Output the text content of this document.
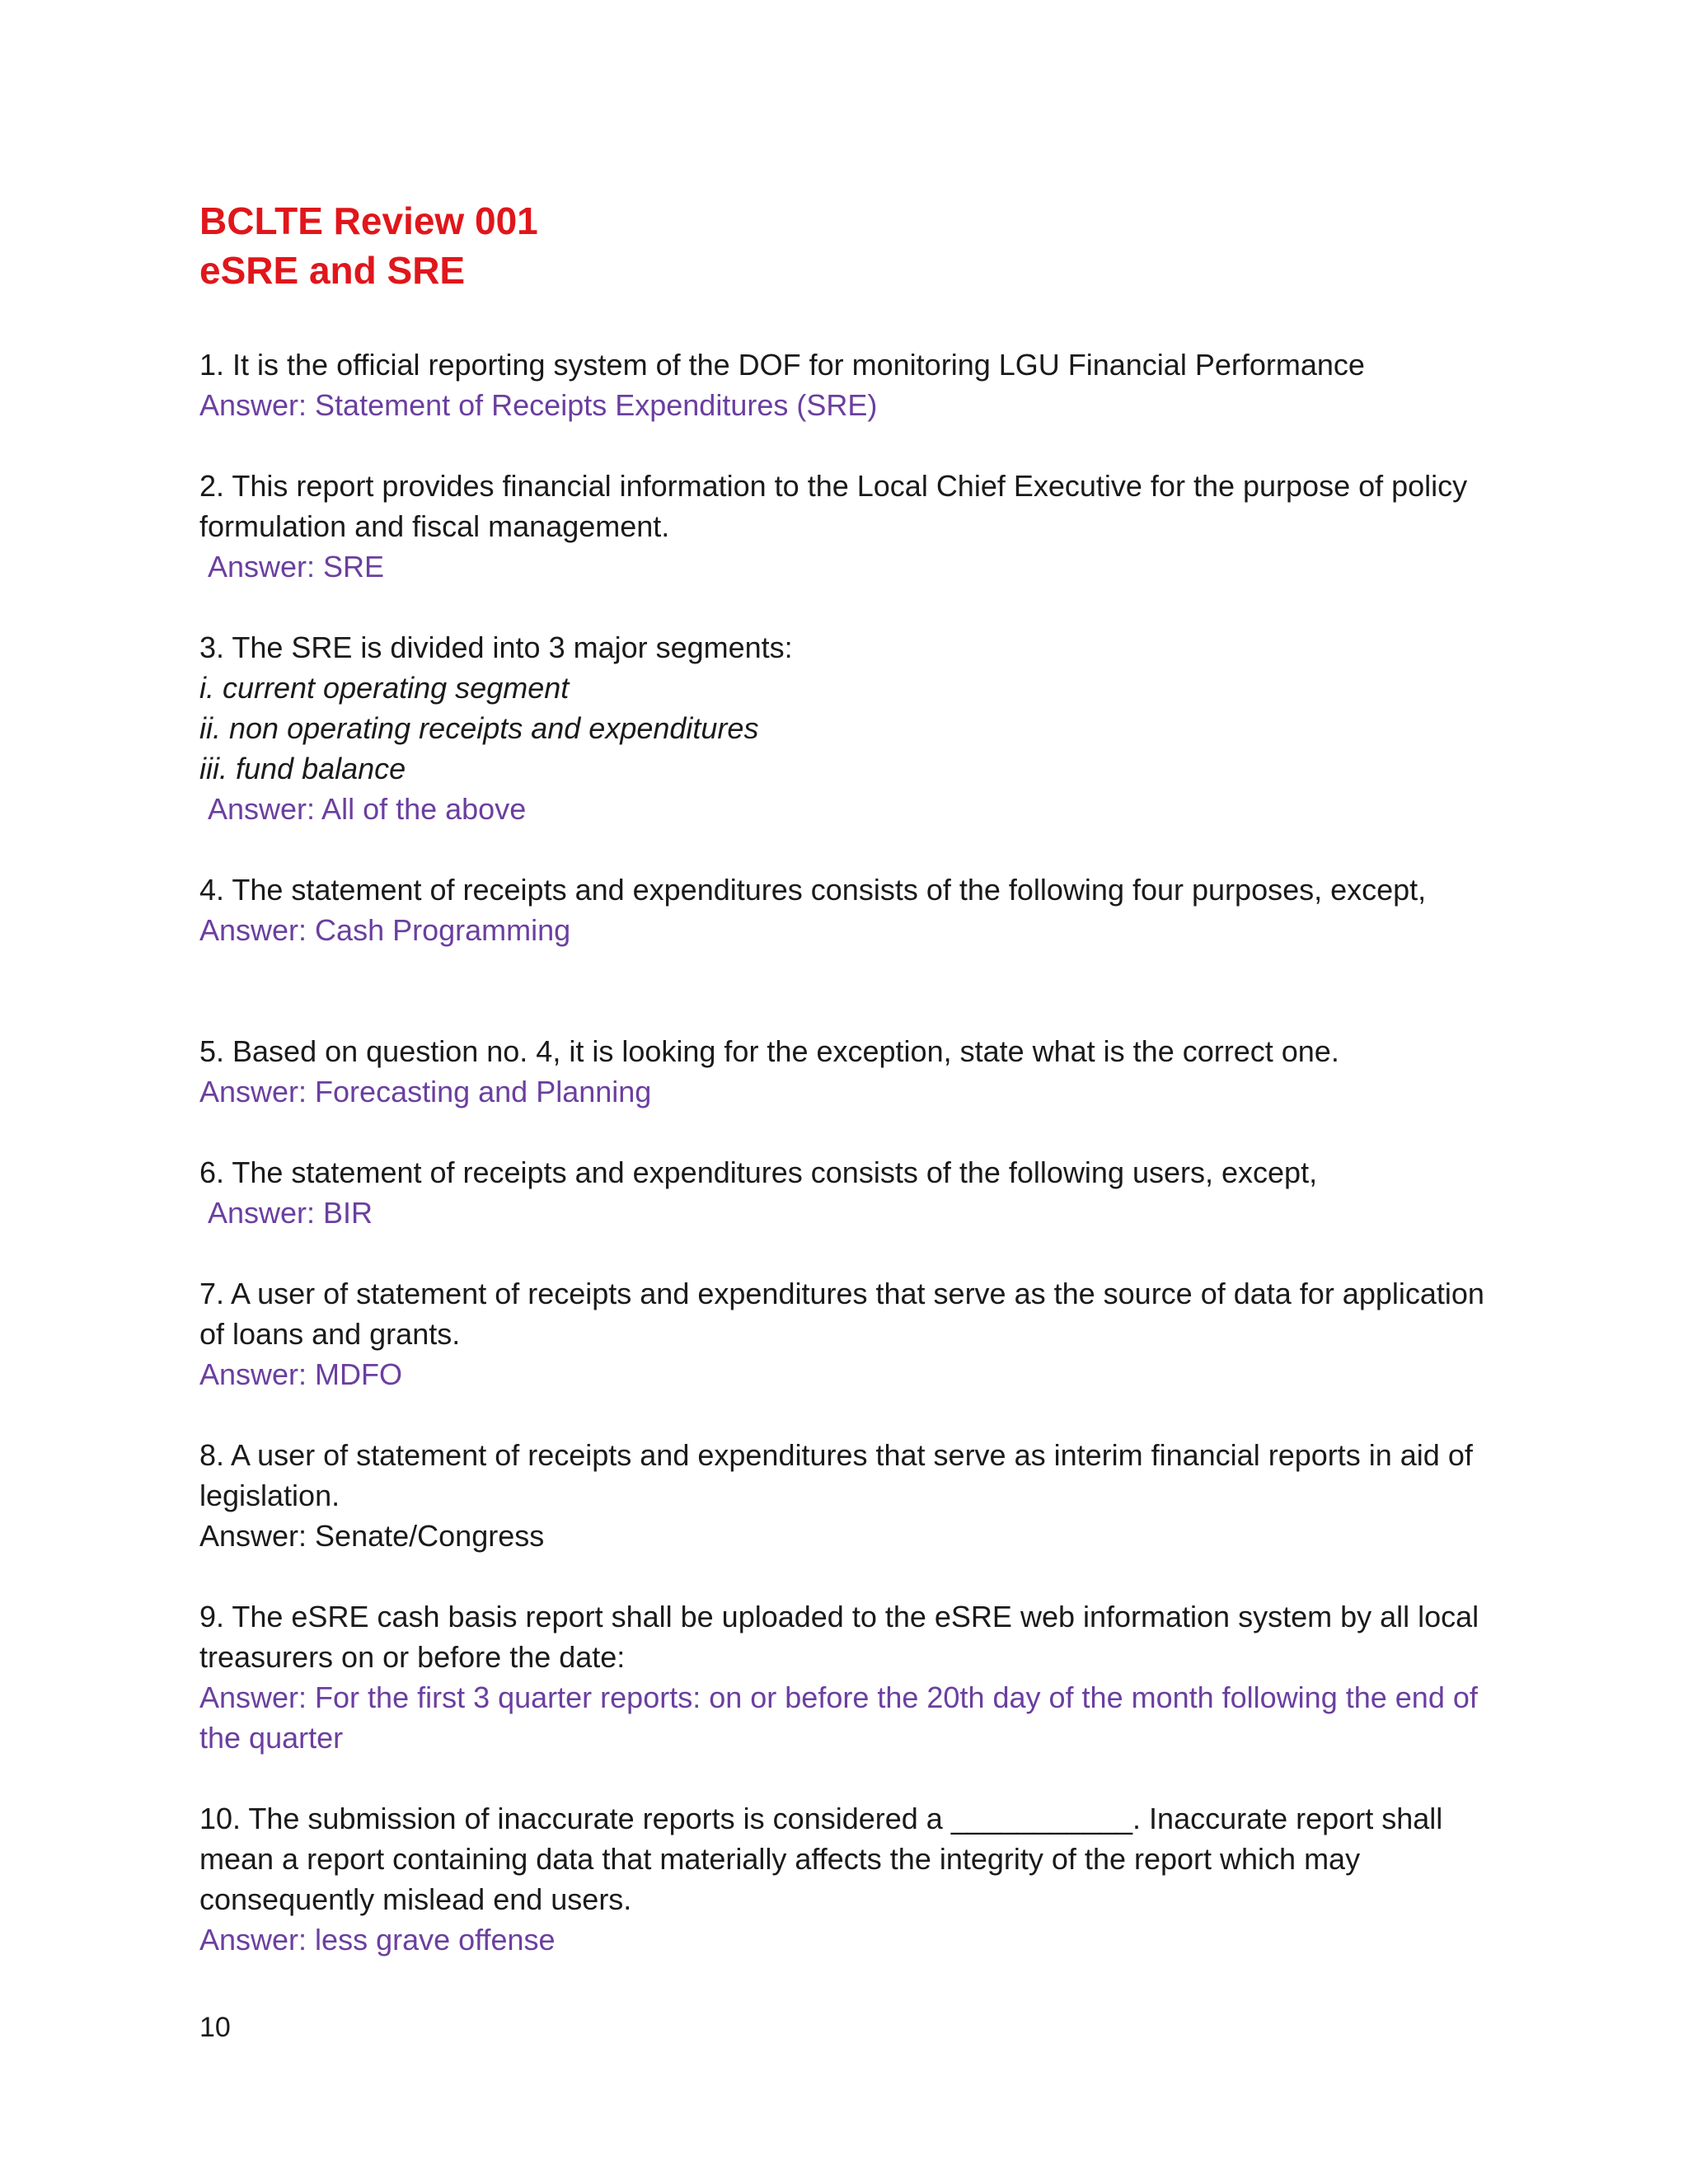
BCLTE Review 001

eSRE and SRE

1. It is the official reporting system of the DOF for monitoring LGU Financial Performance

Answer: Statement of Receipts Expenditures (SRE)

2. This report provides financial information to the Local Chief Executive for the purpose of policy formulation and fiscal management.

Answer: SRE

3. The SRE is divided into 3 major segments:

i. current operating segment

ii. non operating receipts and expenditures

iii. fund balance

Answer: All of the above

4. The statement of receipts and expenditures consists of the following four purposes, except,

Answer: Cash Programming

5. Based on question no. 4, it is looking for the exception, state what is the correct one.

Answer: Forecasting and Planning

6. The statement of receipts and expenditures consists of the following users, except,

Answer: BIR

7. A user of statement of receipts and expenditures that serve as the source of data for application of loans and grants.

Answer: MDFO

8. A user of statement of receipts and expenditures that serve as interim financial reports in aid of legislation.

Answer: Senate/Congress

9. The eSRE cash basis report shall be uploaded to the eSRE web information system by all local treasurers on or before the date:

Answer: For the first 3 quarter reports: on or before the 20th day of the month following the end of the quarter

10. The submission of inaccurate reports is considered a ___________. Inaccurate report shall mean a report containing data that materially affects the integrity of the report which may consequently mislead end users.

Answer: less grave offense

10
